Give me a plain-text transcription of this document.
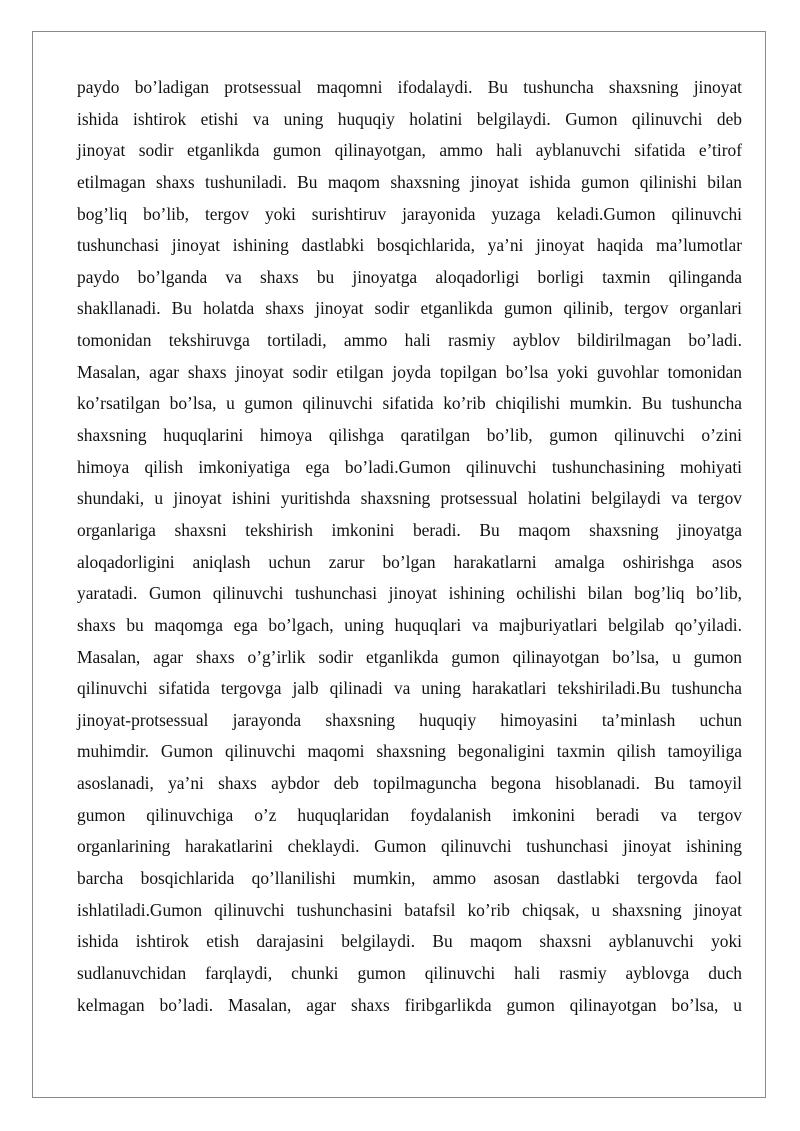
paydo bo’ladigan protsessual maqomni ifodalaydi. Bu tushuncha shaxsning jinoyat
ishida ishtirok etishi va uning huquqiy holatini belgilaydi. Gumon qilinuvchi deb
jinoyat sodir etganlikda gumon qilinayotgan, ammo hali ayblanuvchi sifatida e’tirof
etilmagan shaxs tushuniladi. Bu maqom shaxsning jinoyat ishida gumon qilinishi bilan
bog’liq bo’lib, tergov yoki surishtiruv jarayonida yuzaga keladi.Gumon qilinuvchi
tushunchasi jinoyat ishining dastlabki bosqichlarida, ya’ni jinoyat haqida ma’lumotlar
paydo bo’lganda va shaxs bu jinoyatga aloqadorligi borligi taxmin qilinganda
shakllanadi. Bu holatda shaxs jinoyat sodir etganlikda gumon qilinib, tergov organlari
tomonidan tekshiruvga tortiladi, ammo hali rasmiy ayblov bildirilmagan bo’ladi.
Masalan, agar shaxs jinoyat sodir etilgan joyda topilgan bo’lsa yoki guvohlar tomonidan
ko’rsatilgan bo’lsa, u gumon qilinuvchi sifatida ko’rib chiqilishi mumkin. Bu tushuncha
shaxsning huquqlarini himoya qilishga qaratilgan bo’lib, gumon qilinuvchi o’zini
himoya qilish imkoniyatiga ega bo’ladi.Gumon qilinuvchi tushunchasining mohiyati
shundaki, u jinoyat ishini yuritishda shaxsning protsessual holatini belgilaydi va tergov
organlariga shaxsni tekshirish imkonini beradi. Bu maqom shaxsning jinoyatga
aloqadorligini aniqlash uchun zarur bo’lgan harakatlarni amalga oshirishga asos
yaratadi. Gumon qilinuvchi tushunchasi jinoyat ishining ochilishi bilan bog’liq bo’lib,
shaxs bu maqomga ega bo’lgach, uning huquqlari va majburiyatlari belgilab qo’yiladi.
Masalan, agar shaxs o’g’irlik sodir etganlikda gumon qilinayotgan bo’lsa, u gumon
qilinuvchi sifatida tergovga jalb qilinadi va uning harakatlari tekshiriladi.Bu tushuncha
jinoyat-protsessual jarayonda shaxsning huquqiy himoyasini ta’minlash uchun
muhimdir. Gumon qilinuvchi maqomi shaxsning begonaligini taxmin qilish tamoyiliga
asoslanadi, ya’ni shaxs aybdor deb topilmaguncha begona hisoblanadi. Bu tamoyil
gumon qilinuvchiga o’z huquqlaridan foydalanish imkonini beradi va tergov
organlarining harakatlarini cheklaydi. Gumon qilinuvchi tushunchasi jinoyat ishining
barcha bosqichlarida qo’llanilishi mumkin, ammo asosan dastlabki tergovda faol
ishlatiladi.Gumon qilinuvchi tushunchasini batafsil ko’rib chiqsak, u shaxsning jinoyat
ishida ishtirok etish darajasini belgilaydi. Bu maqom shaxsni ayblanuvchi yoki
sudlanuvchidan farqlaydi, chunki gumon qilinuvchi hali rasmiy ayblovga duch
kelmagan bo’ladi. Masalan, agar shaxs firibgarlikda gumon qilinayotgan bo’lsa, u
